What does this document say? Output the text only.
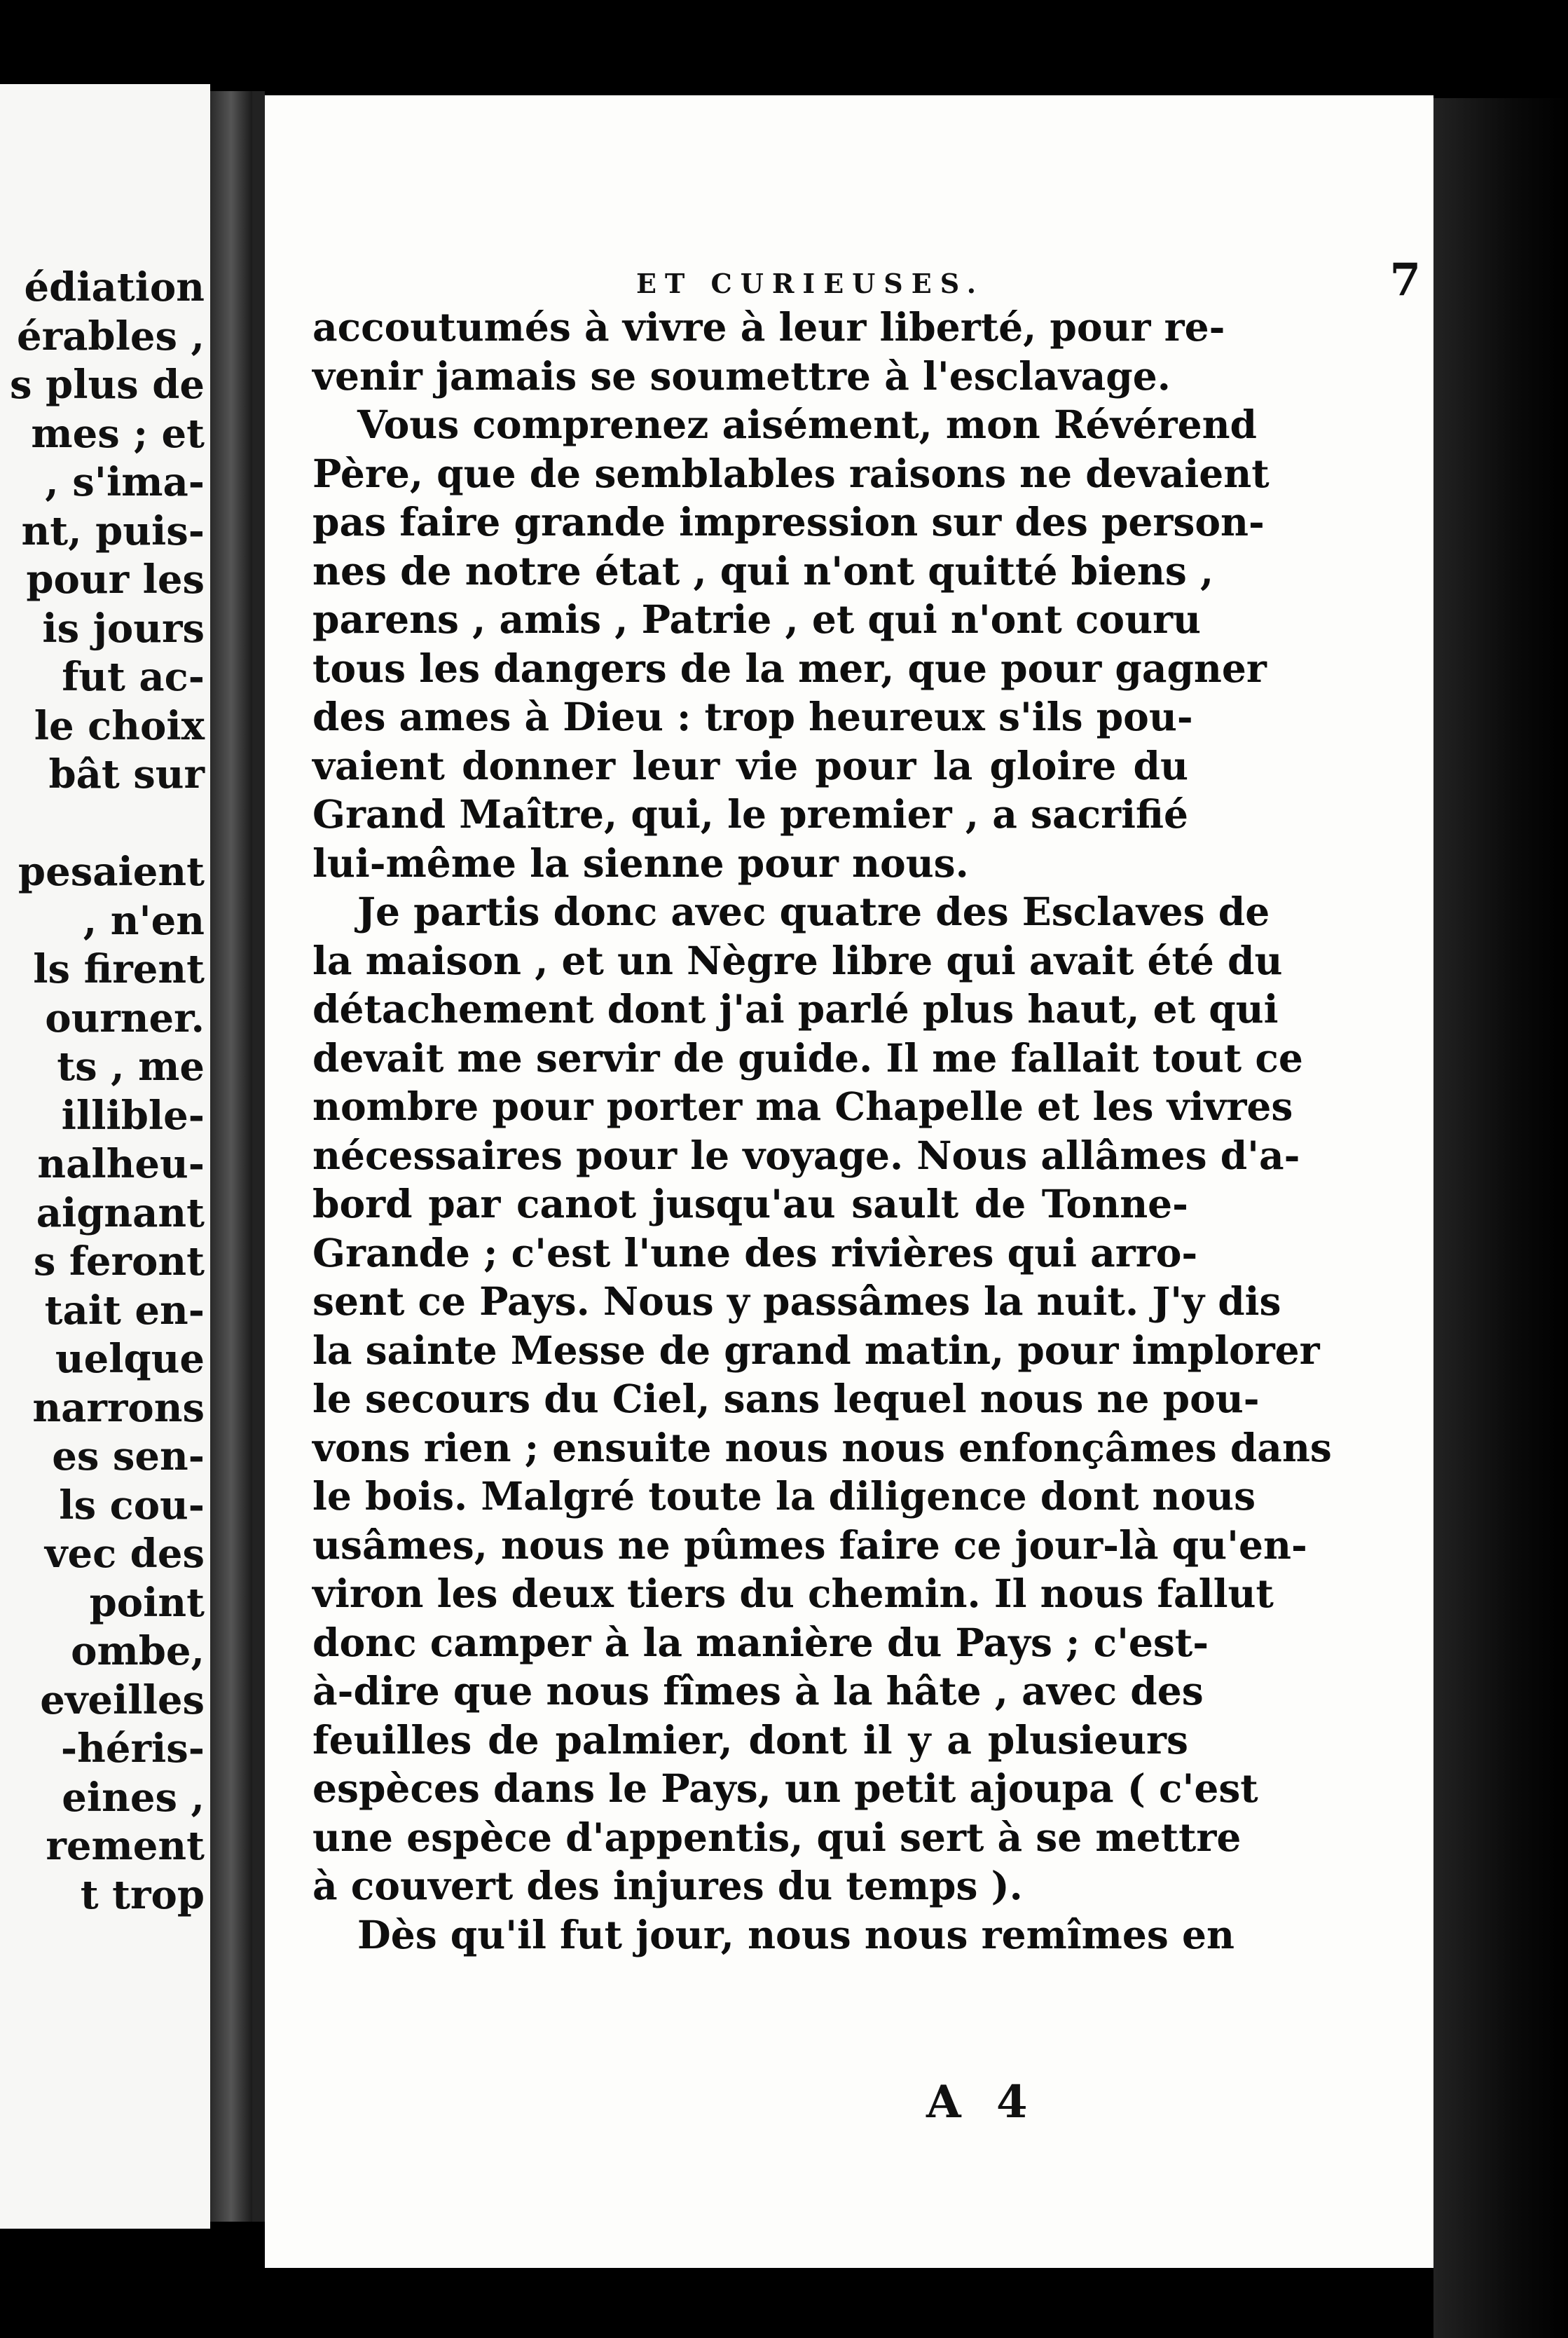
édiation
érables ,
s plus de
mes ; et
, s'ima-
nt, puis-
pour les
is jours
fut ac-
le choix
bât sur
pesaient
, n'en
ls firent
ourner.
ts , me
illible-
nalheu-
aignant
s feront
tait en-
uelque
narrons
es sen-
ls cou-
vec des
point
ombe,
eveilles
-héris-
eines ,
rement
t trop
ET CURIEUSES.	7
accoutumés à vivre à leur liberté, pour re-
venir jamais se soumettre à l'esclavage.
Vous comprenez aisément, mon Révérend
Père, que de semblables raisons ne devaient
pas faire grande impression sur des person-
nes de notre état , qui n'ont quitté biens ,
parens , amis , Patrie , et qui n'ont couru
tous les dangers de la mer, que pour gagner
des ames à Dieu : trop heureux s'ils pou-
vaient donner leur vie pour la gloire du
Grand Maître, qui, le premier , a sacrifié
lui-même la sienne pour nous.
Je partis donc avec quatre des Esclaves de
la maison , et un Nègre libre qui avait été du
détachement dont j'ai parlé plus haut, et qui
devait me servir de guide. Il me fallait tout ce
nombre pour porter ma Chapelle et les vivres
nécessaires pour le voyage. Nous allâmes d'a-
bord par canot jusqu'au sault de Tonne-
Grande ; c'est l'une des rivières qui arro-
sent ce Pays. Nous y passâmes la nuit. J'y dis
la sainte Messe de grand matin, pour implorer
le secours du Ciel, sans lequel nous ne pou-
vons rien ; ensuite nous nous enfonçâmes dans
le bois. Malgré toute la diligence dont nous
usâmes, nous ne pûmes faire ce jour-là qu'en-
viron les deux tiers du chemin. Il nous fallut
donc camper à la manière du Pays ; c'est-
à-dire que nous fîmes à la hâte , avec des
feuilles de palmier, dont il y a plusieurs
espèces dans le Pays, un petit ajoupa ( c'est
une espèce d'appentis, qui sert à se mettre
à couvert des injures du temps ).
Dès qu'il fut jour, nous nous remîmes en
A 4
